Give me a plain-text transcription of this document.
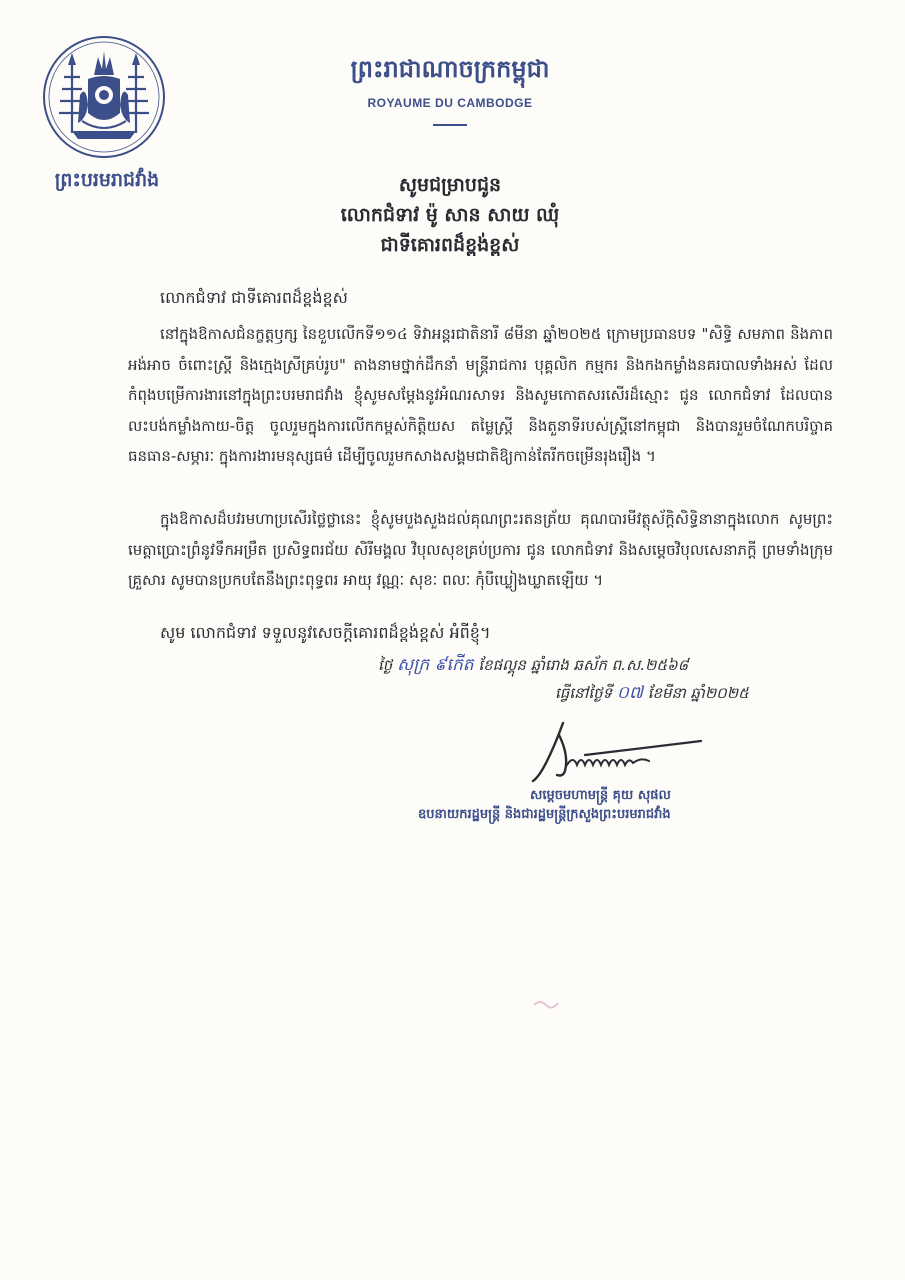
ព្រះបរមរាជវាំង
ព្រះរាជាណាចក្រកម្ពុជា
ROYAUME DU CAMBODGE
សូមជម្រាបជូន
លោកជំទាវ ម៉ូ សាន សាយ ឈុំ
ជាទីគោរពដ៏ខ្ពង់ខ្ពស់
លោកជំទាវ ជាទីគោរពដ៏ខ្ពង់ខ្ពស់
នៅក្នុងឱកាសជំនក្ខត្តឫក្ស នៃខួបលើកទី១១៤ ទិវាអន្តរជាតិនារី ៨មីនា ឆ្នាំ២០២៥ ក្រោមប្រធានបទ "សិទ្ធិ សមភាព និងភាពអង់អាច ចំពោះស្ត្រី និងក្មេងស្រីគ្រប់រូប" តាងនាមថ្នាក់ដឹកនាំ មន្ត្រីរាជការ បុគ្គលិក កម្មករ និងកងកម្លាំងនគរបាលទាំងអស់ ដែលកំពុងបម្រើការងារនៅក្នុងព្រះបរមរាជវាំង ខ្ញុំសូមសម្តែងនូវអំណរសាទរ និងសូមកោតសរសើរដ៏ស្មោះ ជូន លោកជំទាវ ដែលបានលះបង់កម្លាំងកាយ-ចិត្ត ចូលរួមក្នុងការលើកកម្ពស់កិត្តិយស តម្លៃស្ត្រី និងតួនាទីរបស់ស្ត្រីនៅកម្ពុជា និងបានរួមចំណែកបរិច្ចាគធនធាន-សម្ភារៈ ក្នុងការងារមនុស្សធម៌ ដើម្បីចូលរួមកសាងសង្គមជាតិឱ្យកាន់តែរីកចម្រើនរុងរឿង ។
ក្នុងឱកាសដ៏បវរមហាប្រសើរថ្លៃថ្លានេះ ខ្ញុំសូមបួងសួងដល់គុណព្រះរតនត្រ័យ គុណបារមីវត្ថុស័ក្តិសិទ្ធិនានាក្នុងលោក សូមព្រះមេត្តាប្រោះព្រំនូវទឹកអម្រឹត ប្រសិទ្ធពរជ័យ សិរីមង្គល វិបុលសុខគ្រប់ប្រការ ជូន លោកជំទាវ និងសម្តេចវិបុលសេនាភក្តី ព្រមទាំងក្រុមគ្រួសារ សូមបានប្រកបតែនឹងព្រះពុទ្ធពរ អាយុ វណ្ណៈ សុខៈ ពលៈ កុំបីឃ្លៀងឃ្លាតឡើយ ។
សូម លោកជំទាវ ទទួលនូវសេចក្តីគោរពដ៏ខ្ពង់ខ្ពស់ អំពីខ្ញុំ។
ថ្ងៃ សុក្រ ៩កើត ខែផល្គុន ឆ្នាំរោង ឆស័ក ព.ស.២៥៦៨
ធ្វើនៅថ្ងៃទី ០៧ ខែមីនា ឆ្នាំ២០២៥
សម្តេចមហាមន្ត្រី គុយ សុផល
ឧបនាយករដ្ឋមន្ត្រី និងជារដ្ឋមន្ត្រីក្រសួងព្រះបរមរាជវាំង
